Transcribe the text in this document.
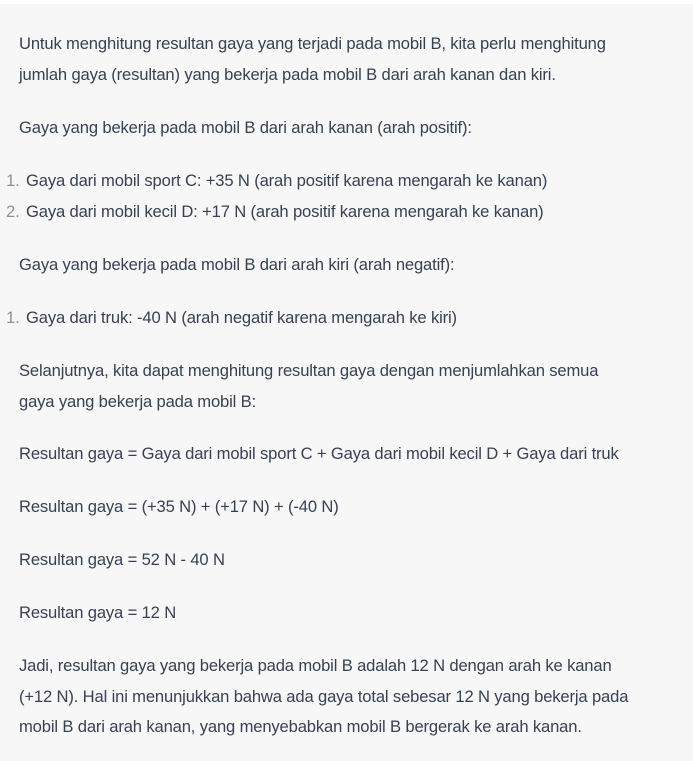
Untuk menghitung resultan gaya yang terjadi pada mobil B, kita perlu menghitung
jumlah gaya (resultan) yang bekerja pada mobil B dari arah kanan dan kiri.
Gaya yang bekerja pada mobil B dari arah kanan (arah positif):
1. Gaya dari mobil sport C: +35 N (arah positif karena mengarah ke kanan)
2. Gaya dari mobil kecil D: +17 N (arah positif karena mengarah ke kanan)
Gaya yang bekerja pada mobil B dari arah kiri (arah negatif):
1. Gaya dari truk: -40 N (arah negatif karena mengarah ke kiri)
Selanjutnya, kita dapat menghitung resultan gaya dengan menjumlahkan semua
gaya yang bekerja pada mobil B:
Resultan gaya = Gaya dari mobil sport C + Gaya dari mobil kecil D + Gaya dari truk
Resultan gaya = (+35 N) + (+17 N) + (-40 N)
Resultan gaya = 52 N - 40 N
Resultan gaya = 12 N
Jadi, resultan gaya yang bekerja pada mobil B adalah 12 N dengan arah ke kanan
(+12 N). Hal ini menunjukkan bahwa ada gaya total sebesar 12 N yang bekerja pada
mobil B dari arah kanan, yang menyebabkan mobil B bergerak ke arah kanan.
